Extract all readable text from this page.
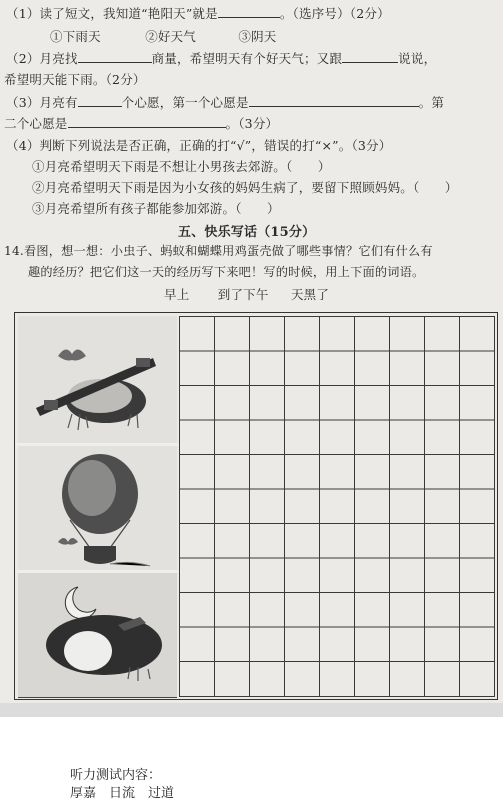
（1）读了短文，我知道“艳阳天”就是	。（选序号）（2分）
①下雨天	②好天气	③阴天
（2）月亮找	商量，希望明天有个好天气；又跟	说说，
希望明天能下雨。（2分）
（3）月亮有	个心愿，第一个心愿是	。第
二个心愿是	。（3分）
（4）判断下列说法是否正确，正确的打“√”，错误的打“×”。（3分）
①月亮希望明天下雨是不想让小男孩去郊游。（　　）
②月亮希望明天下雨是因为小女孩的妈妈生病了，要留下照顾妈妈。（　　）
③月亮希望所有孩子都能参加郊游。（　　）
五、快乐写话（15分）
14.看图，想一想：小虫子、蚂蚁和蝴蝶用鸡蛋壳做了哪些事情？它们有什么有
趣的经历？把它们这一天的经历写下来吧！写的时候，用上下面的词语。
早上 到了下午 天黑了
听力测试内容：
厚嘉　日流　过道
